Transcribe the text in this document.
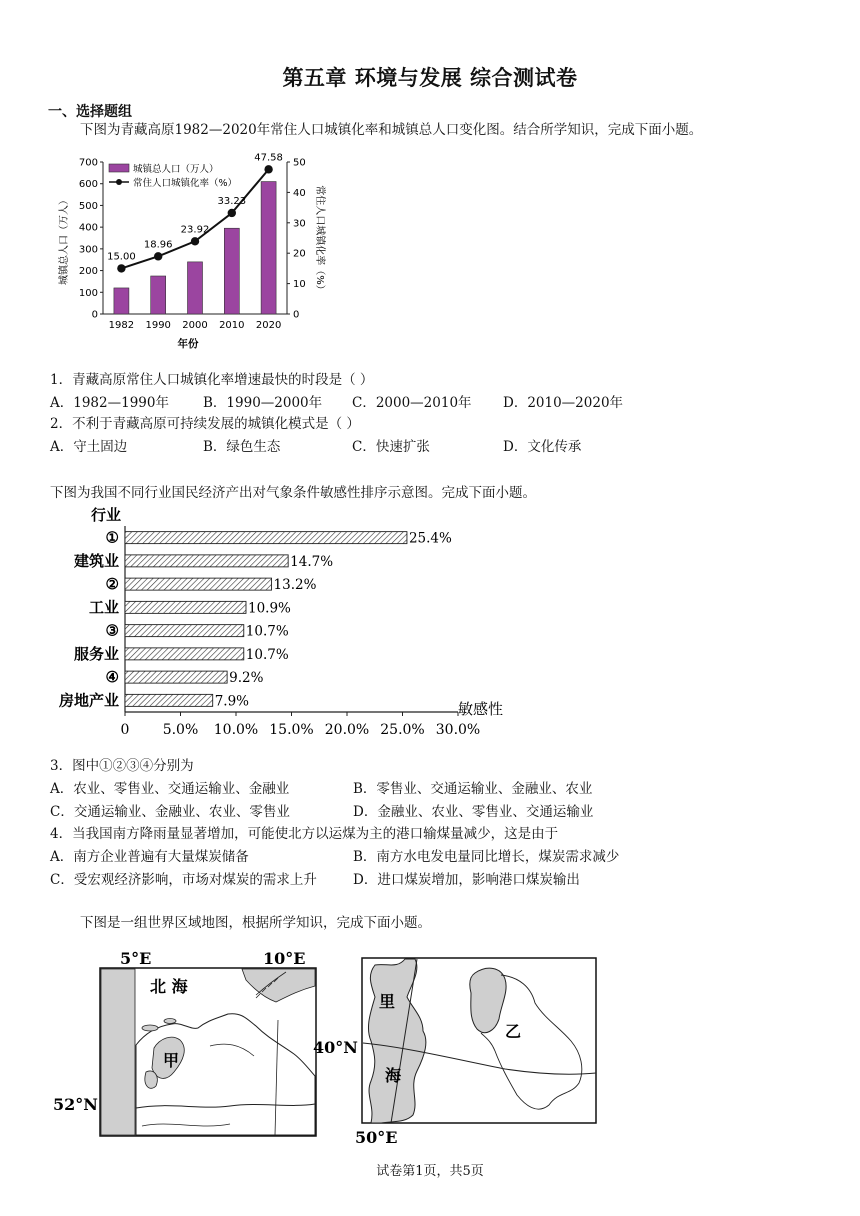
第五章 环境与发展 综合测试卷
一、选择题组
下图为青藏高原1982—2020年常住人口城镇化率和城镇总人口变化图。结合所学知识，完成下面小题。
0
100
200
300
400
500
600
700
0
10
20
30
40
50
1982 1990 2000 2010 2020
15.00
18.96
23.92
33.23
47.58
城镇总人口（万人）
常住人口城镇化率（%）
城镇总人口（万人）	常住人口城镇化率（%）
年份
1．青藏高原常住人口城镇化率增速最快的时段是（ ）
A．1982—1990年	B．1990—2000年 C．2000—2010年 D．2010—2020年
2．不利于青藏高原可持续发展的城镇化模式是（ ）
A．守土固边	B．绿色生态	C．快速扩张	D．文化传承
下图为我国不同行业国民经济产出对气象条件敏感性排序示意图。完成下面小题。
行业
0 5.0% 10.0% 15.0% 20.0% 25.0% 30.0%
①
建筑业
②
工业
③
服务业
④
房地产业
25.4%
14.7%
13.2%
10.9%
10.7%
10.7%
9.2%
7.9%	敏感性
3．图中①②③④分别为
A．农业、零售业、交通运输业、金融业	B．零售业、交通运输业、金融业、农业
C．交通运输业、金融业、农业、零售业	D．金融业、农业、零售业、交通运输业
4．当我国南方降雨量显著增加，可能使北方以运煤为主的港口输煤量减少，这是由于
A．南方企业普遍有大量煤炭储备	B．南方水电发电量同比增长，煤炭需求减少
C．受宏观经济影响，市场对煤炭的需求上升	D．进口煤炭增加，影响港口煤炭输出
下图是一组世界区域地图，根据所学知识，完成下面小题。
5°E	10°E
52°N
北 海
甲
40°N
50°E
里
海
乙
试卷第1页，共5页
